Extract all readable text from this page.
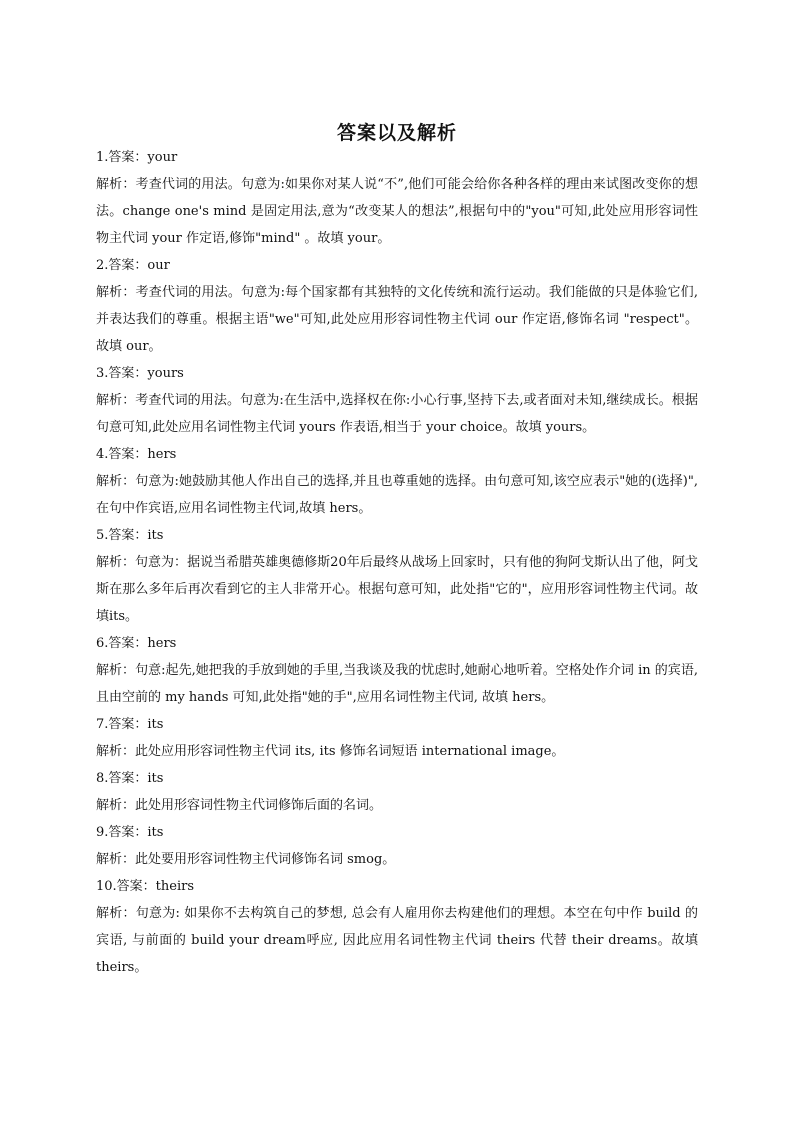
答案以及解析
1.答案：your
解析：考查代词的用法。句意为:如果你对某人说“不”,他们可能会给你各种各样的理由来试图改变你的想法。change one's mind 是固定用法,意为“改变某人的想法”,根据句中的"you"可知,此处应用形容词性物主代词 your 作定语,修饰"mind" 。故填 your。
2.答案：our
解析：考查代词的用法。句意为:每个国家都有其独特的文化传统和流行运动。我们能做的只是体验它们,并表达我们的尊重。根据主语"we"可知,此处应用形容词性物主代词 our 作定语,修饰名词 "respect"。故填 our。
3.答案：yours
解析：考查代词的用法。句意为:在生活中,选择权在你:小心行事,坚持下去,或者面对未知,继续成长。根据句意可知,此处应用名词性物主代词 yours 作表语,相当于 your choice。故填 yours。
4.答案：hers
解析：句意为:她鼓励其他人作出自己的选择,并且也尊重她的选择。由句意可知,该空应表示"她的(选择)",在句中作宾语,应用名词性物主代词,故填 hers。
5.答案：its
解析：句意为：据说当希腊英雄奥德修斯20年后最终从战场上回家时，只有他的狗阿戈斯认出了他，阿戈斯在那么多年后再次看到它的主人非常开心。根据句意可知，此处指"它的"，应用形容词性物主代词。故填its。
6.答案：hers
解析：句意:起先,她把我的手放到她的手里,当我谈及我的忧虑时,她耐心地听着。空格处作介词 in 的宾语,且由空前的 my hands 可知,此处指"她的手",应用名词性物主代词, 故填 hers。
7.答案：its
解析：此处应用形容词性物主代词 its, its 修饰名词短语 international image。
8.答案：its
解析：此处用形容词性物主代词修饰后面的名词。
9.答案：its
解析：此处要用形容词性物主代词修饰名词 smog。
10.答案：theirs
解析：句意为: 如果你不去构筑自己的梦想, 总会有人雇用你去构建他们的理想。本空在句中作 build 的宾语, 与前面的 build your dream呼应, 因此应用名词性物主代词 theirs 代替 their dreams。故填 theirs。
